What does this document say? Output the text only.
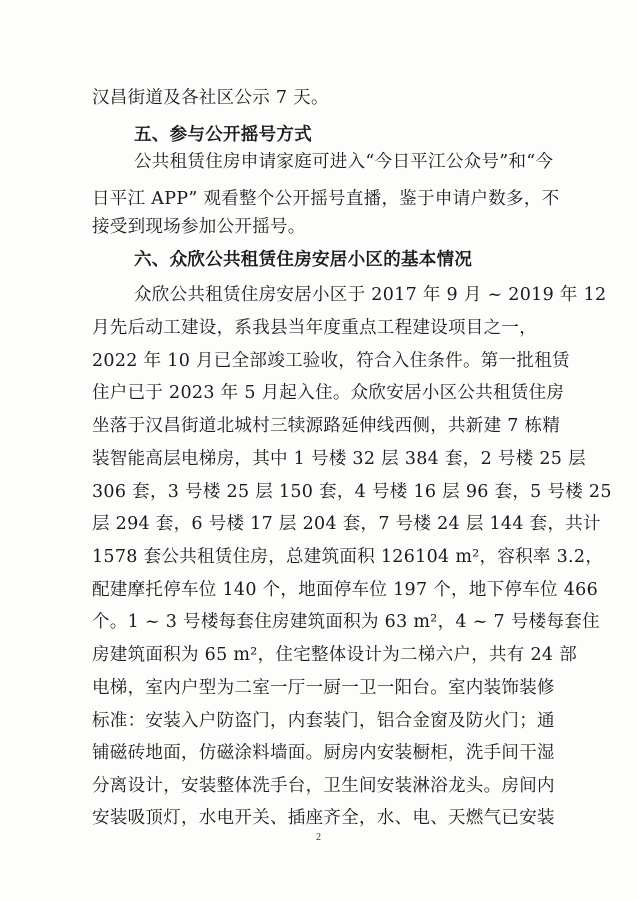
汉昌街道及各社区公示 7 天。
五、参与公开摇号方式
公共租赁住房申请家庭可进入“今日平江公众号”和“今
日平江 APP” 观看整个公开摇号直播，鉴于申请户数多，不
接受到现场参加公开摇号。
六、众欣公共租赁住房安居小区的基本情况
众欣公共租赁住房安居小区于 2017 年 9 月 ~ 2019 年 12
月先后动工建设，系我县当年度重点工程建设项目之一，
2022 年 10 月已全部竣工验收，符合入住条件。第一批租赁
住户已于 2023 年 5 月起入住。众欣安居小区公共租赁住房
坐落于汉昌街道北城村三犊源路延伸线西侧，共新建 7 栋精
装智能高层电梯房，其中 1 号楼 32 层 384 套，2 号楼 25 层
306 套，3 号楼 25 层 150 套，4 号楼 16 层 96 套，5 号楼 25
层 294 套，6 号楼 17 层 204 套，7 号楼 24 层 144 套，共计
1578 套公共租赁住房，总建筑面积 126104 m²，容积率 3.2，
配建摩托停车位 140 个，地面停车位 197 个，地下停车位 466
个。1 ~ 3 号楼每套住房建筑面积为 63 m²，4 ~ 7 号楼每套住
房建筑面积为 65 m²，住宅整体设计为二梯六户，共有 24 部
电梯，室内户型为二室一厅一厨一卫一阳台。室内装饰装修
标准：安装入户防盗门，内套装门，铝合金窗及防火门；通
铺磁砖地面，仿磁涂料墙面。厨房内安装橱柜，洗手间干湿
分离设计，安装整体洗手台，卫生间安装淋浴龙头。房间内
安装吸顶灯，水电开关、插座齐全，水、电、天燃气已安装
2
